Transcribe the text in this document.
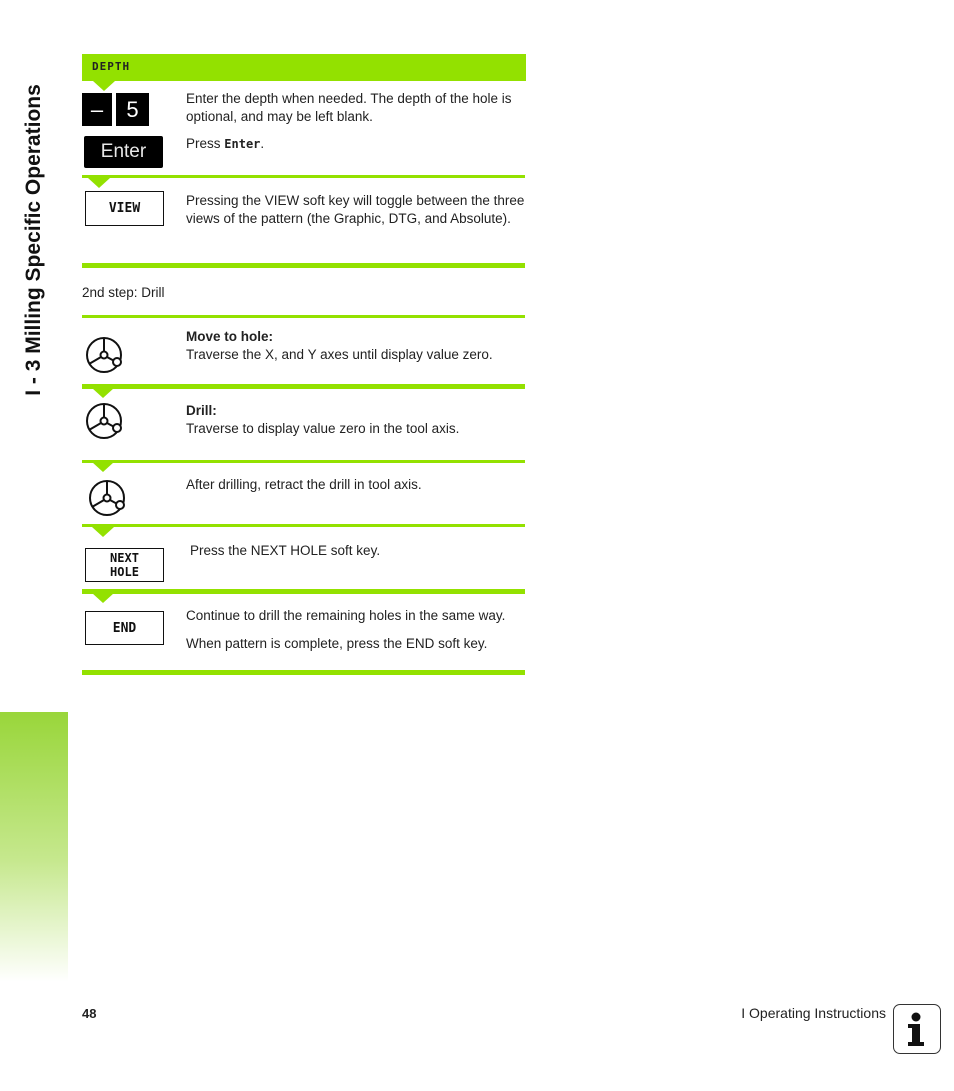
I - 3 Milling Specific Operations
DEPTH
– 5
Enter
Enter the depth when needed. The depth of the hole is optional, and may be left blank.
Press Enter.
VIEW
Pressing the VIEW soft key will toggle between the three views of the pattern (the Graphic, DTG, and Absolute).
2nd step: Drill
Move to hole:
Traverse the X, and Y axes until display value zero.
Drill:
Traverse to display value zero in the tool axis.
After drilling, retract the drill in tool axis.
NEXT
HOLE
Press the NEXT HOLE soft key.
END
Continue to drill the remaining holes in the same way.
When pattern is complete, press the END soft key.
48	I Operating Instructions
